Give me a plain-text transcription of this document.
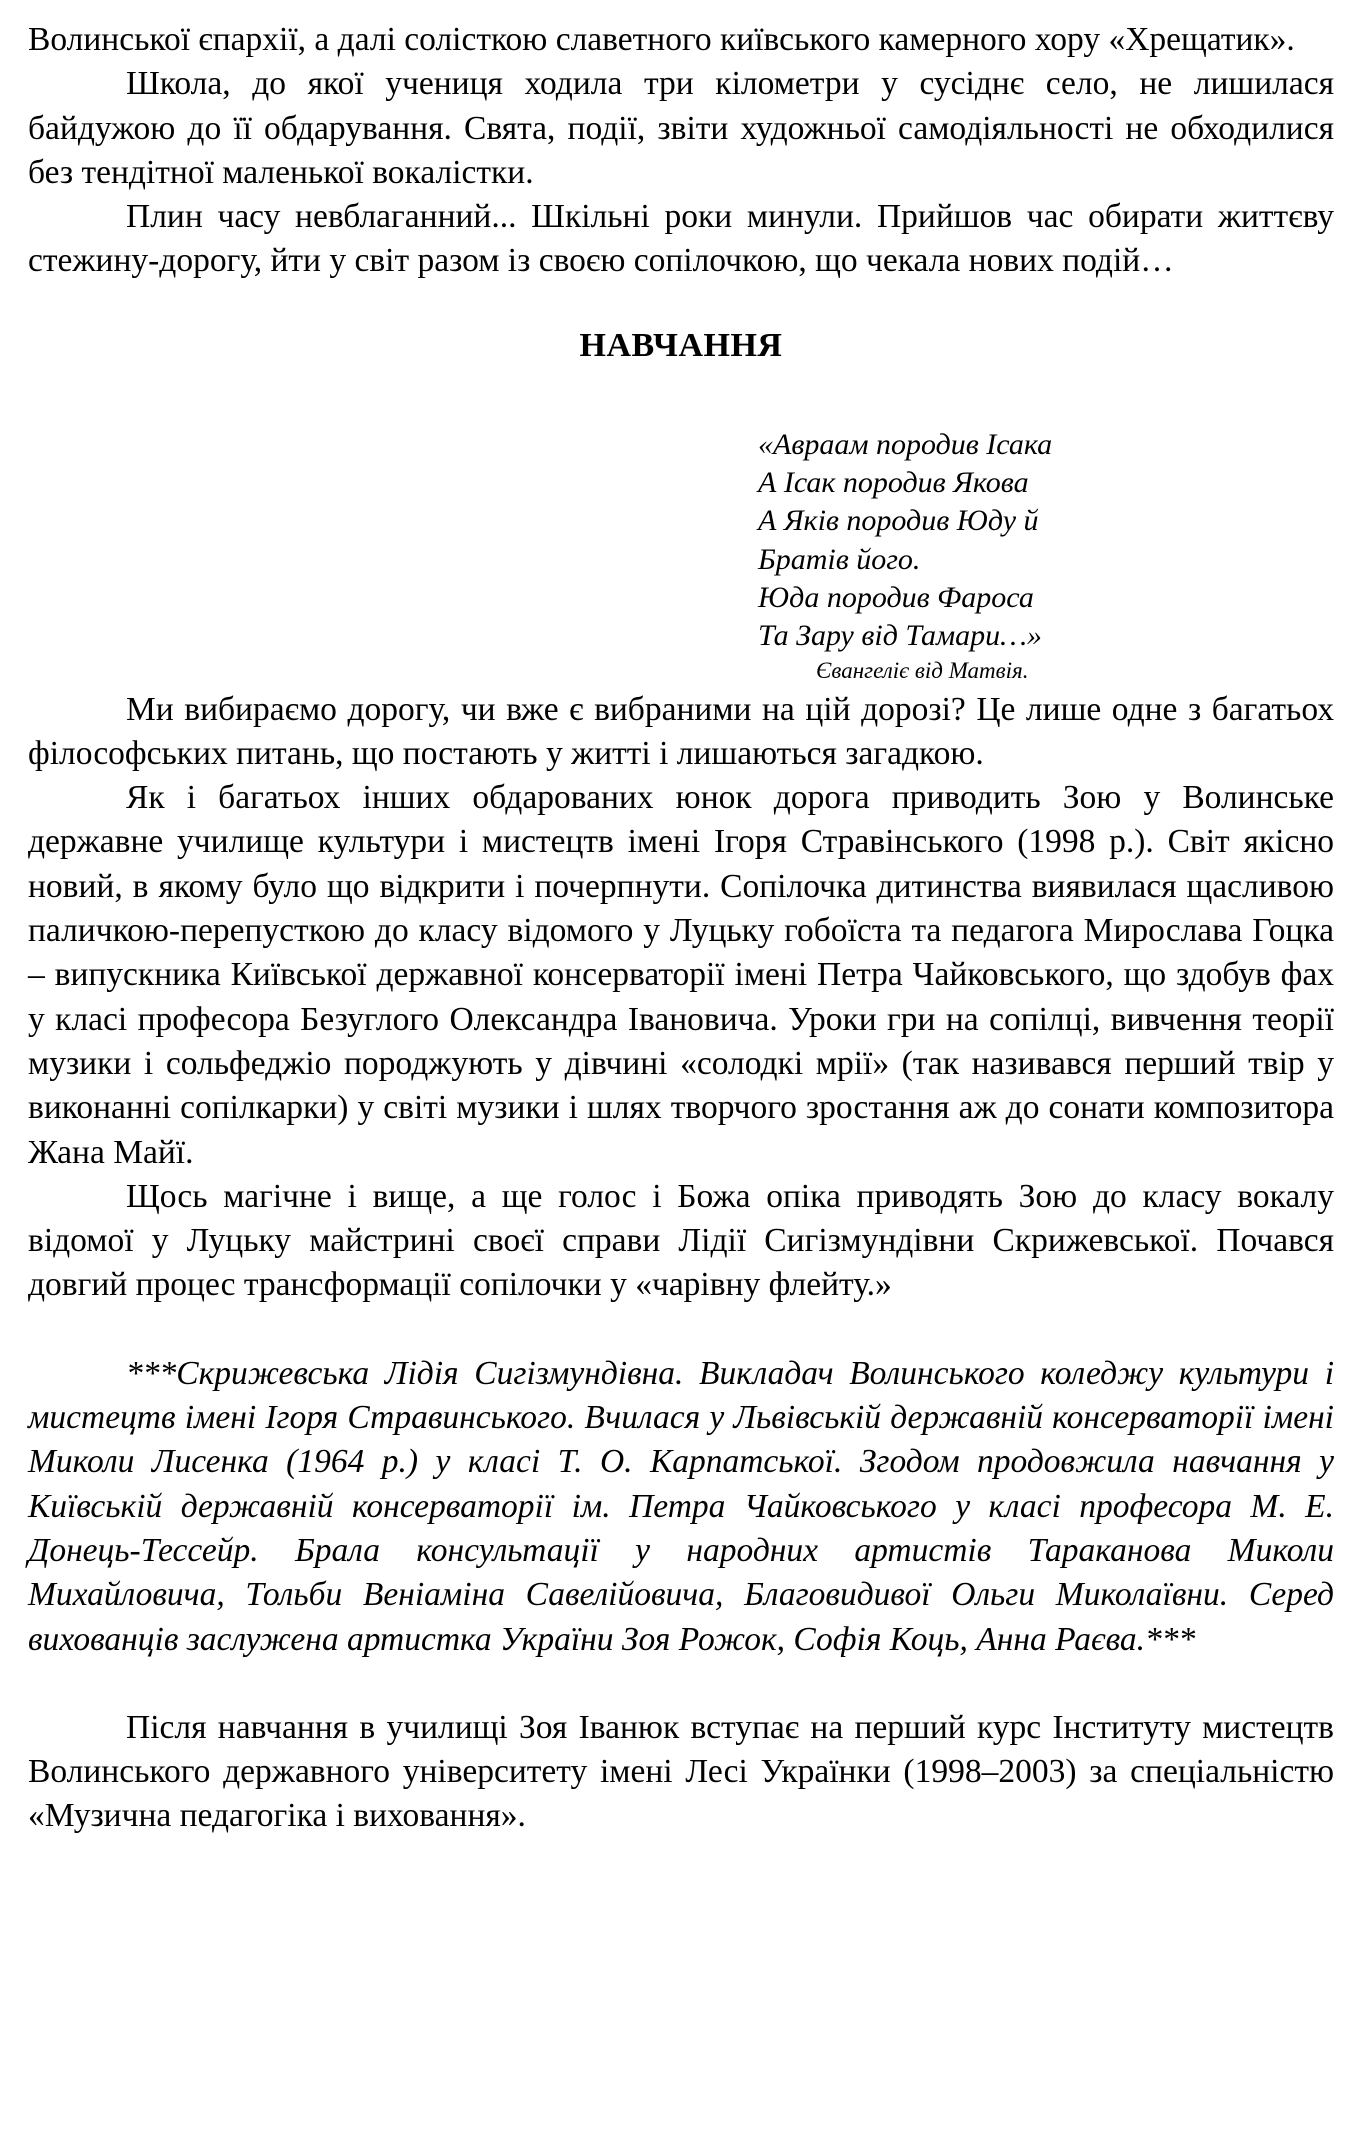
Волинської єпархії, а далі солісткою славетного київського камерного хору «Хрещатик».

Школа, до якої учениця ходила три кілометри у сусіднє село, не лишилася байдужою до її обдарування. Свята, події, звіти художньої самодіяльності не обходилися без тендітної маленької вокалістки.

Плин часу невблаганний... Шкільні роки минули. Прийшов час обирати життєву стежину-дорогу, йти у світ разом із своєю сопілочкою, що чекала нових подій…

НАВЧАННЯ
«Авраам породив Ісака
А Ісак породив Якова
А Яків породив Юду й
Братів його.
Юда породив Фароса
Та Зару від Тамари…»
Євангеліє від Матвія.

Ми вибираємо дорогу, чи вже є вибраними на цій дорозі? Це лише одне з багатьох філософських питань, що постають у житті і лишаються загадкою.

Як і багатьох інших обдарованих юнок дорога приводить Зою у Волинське державне училище культури і мистецтв імені Ігоря Стравінського (1998 р.). Світ якісно новий, в якому було що відкрити і почерпнути. Сопілочка дитинства виявилася щасливою паличкою-перепусткою до класу відомого у Луцьку гобоїста та педагога Мирослава Гоцка – випускника Київської державної консерваторії імені Петра Чайковського, що здобув фах у класі професора Безуглого Олександра Івановича. Уроки гри на сопілці, вивчення теорії музики і сольфеджіо породжують у дівчині «солодкі мрії» (так називався перший твір у виконанні сопілкарки) у світі музики і шлях творчого зростання аж до сонати композитора Жана Майї.

Щось магічне і вище, а ще голос і Божа опіка приводять Зою до класу вокалу відомої у Луцьку майстрині своєї справи Лідії Сигізмундівни Скрижевської. Почався довгий процес трансформації сопілочки у «чарівну флейту.»

***Скрижевська Лідія Сигізмундівна. Викладач Волинського коледжу культури і мистецтв імені Ігоря Стравинського. Вчилася у Львівській державній консерваторії імені Миколи Лисенка (1964 р.) у класі Т. О. Карпатської. Згодом продовжила навчання у Київській державній консерваторії ім. Петра Чайковського у класі професора М. Е. Донець-Тессейр. Брала консультації у народних артистів Тараканова Миколи Михайловича, Тольби Веніаміна Савелійовича, Благовидивої Ольги Миколаївни. Серед вихованців заслужена артистка України Зоя Рожок, Софія Коць, Анна Раєва.***

Після навчання в училищі Зоя Іванюк вступає на перший курс Інституту мистецтв Волинського державного університету імені Лесі Українки (1998–2003) за спеціальністю «Музична педагогіка і виховання».
